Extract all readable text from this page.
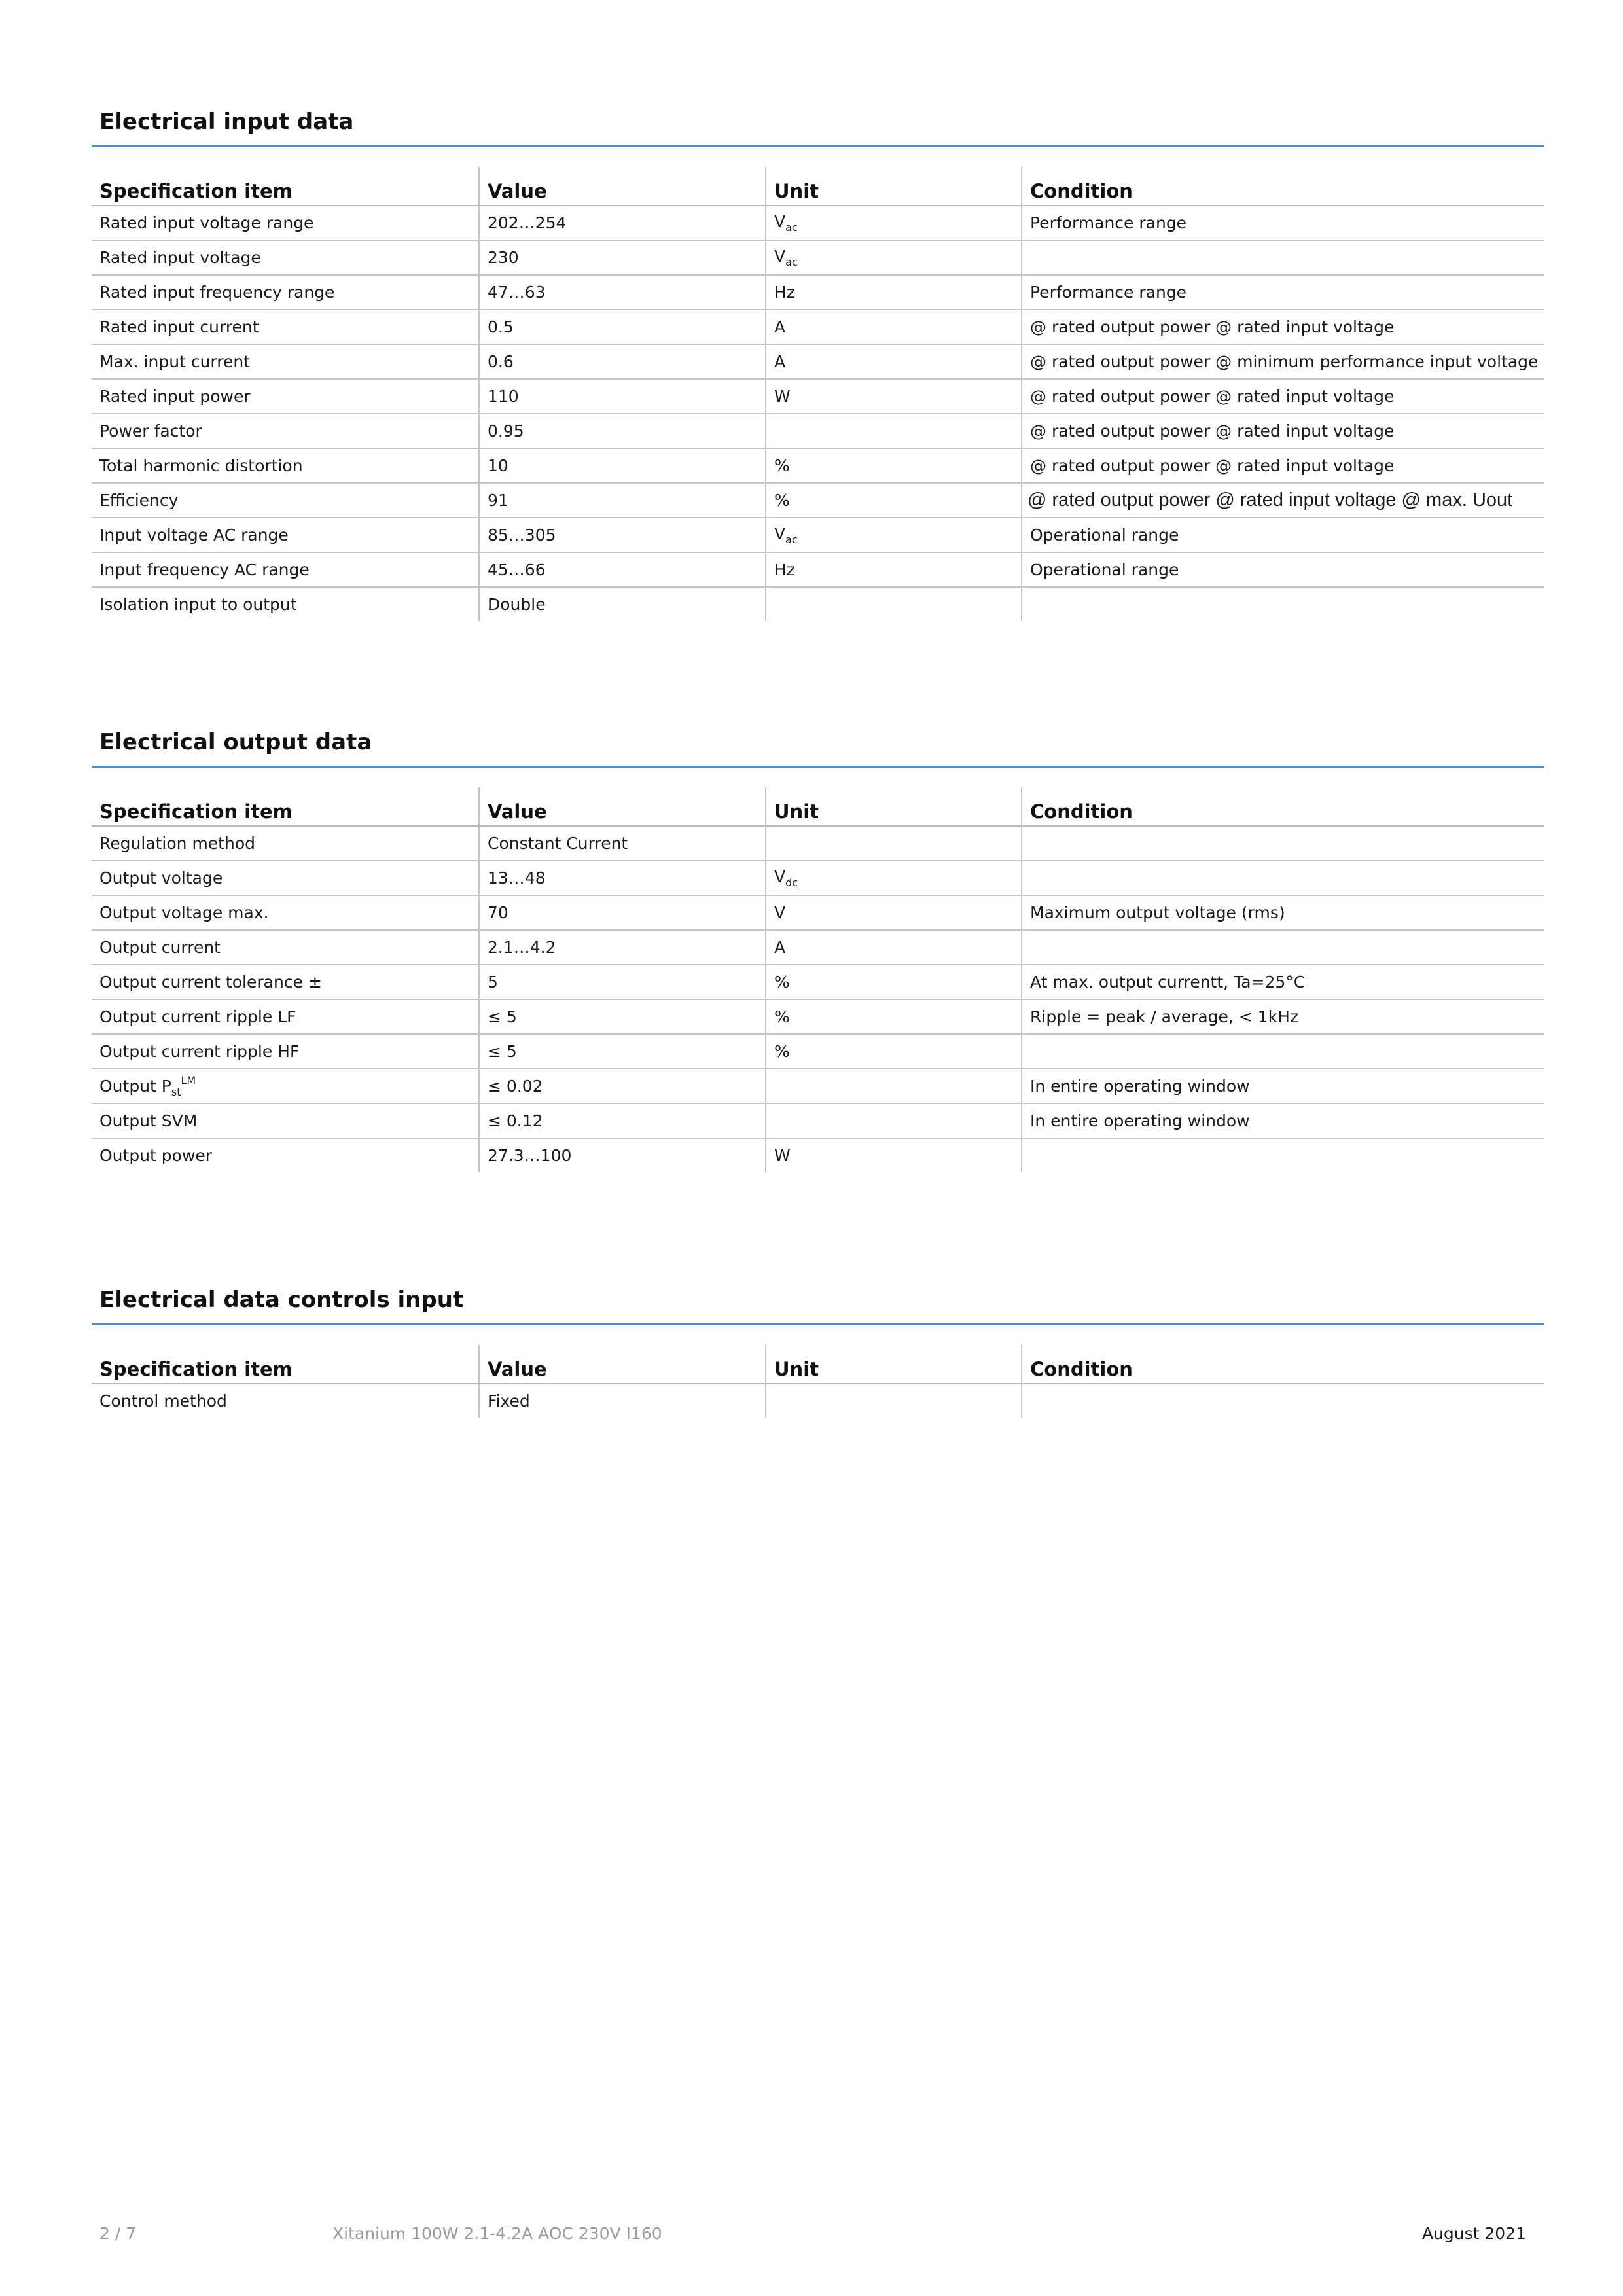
Electrical input data
Specification item	Value	Unit	Condition
Rated input voltage range	202…254	$V_{ac}$	Performance range
Rated input voltage	230	$V_{ac}$	
Rated input frequency range	47…63	Hz	Performance range
Rated input current	0.5	A	@ rated output power @ rated input voltage
Max. input current	0.6	A	@ rated output power @ minimum performance input voltage
Rated input power	110	W	@ rated output power @ rated input voltage
Power factor	0.95		@ rated output power @ rated input voltage
Total harmonic distortion	10	%	@ rated output power @ rated input voltage
Efficiency	91	%	@ rated output power @ rated input voltage @ max. Uout
Input voltage AC range	85…305	$V_{ac}$	Operational range
Input frequency AC range	45…66	Hz	Operational range
Isolation input to output	Double		
Electrical output data
Specification item	Value	Unit	Condition
Regulation method	Constant Current		
Output voltage	13…48	$V_{dc}$	
Output voltage max.	70	V	Maximum output voltage (rms)
Output current	2.1…4.2	A	
Output current tolerance ±	5	%	At max. output currentt, Ta=25°C
Output current ripple LF	≤ 5	%	Ripple = peak / average, < 1kHz
Output current ripple HF	≤ 5	%	
Output $P_{st}^{LM}$	≤ 0.02		In entire operating window
Output SVM	≤ 0.12		In entire operating window
Output power	27.3…100	W	
Electrical data controls input
Specification item	Value	Unit	Condition
Control method	Fixed		
2 / 7	Xitanium 100W 2.1-4.2A AOC 230V I160	August 2021
